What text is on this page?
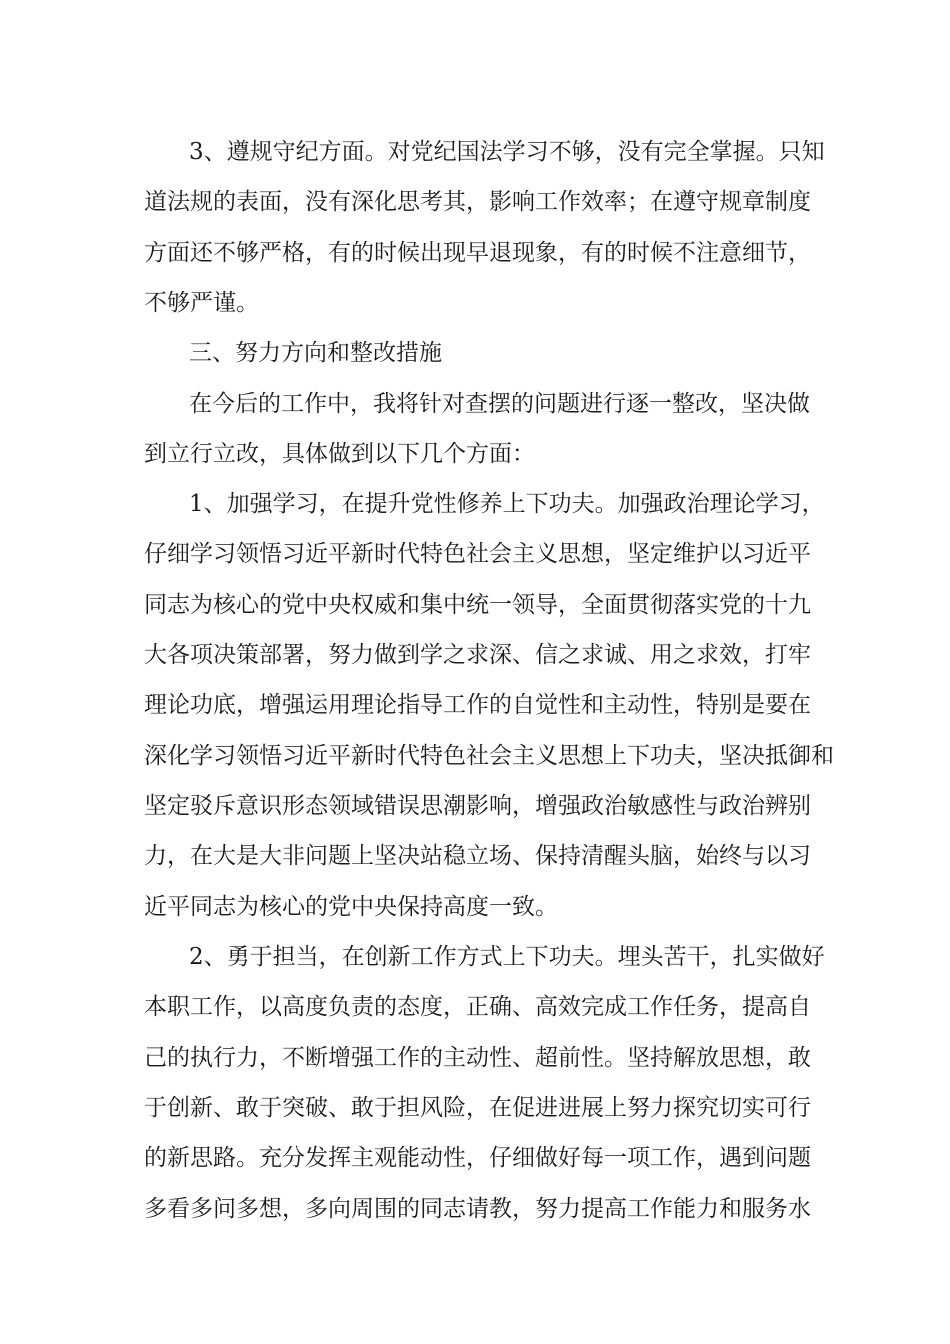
3、遵规守纪方面。对党纪国法学习不够，没有完全掌握。只知
道法规的表面，没有深化思考其，影响工作效率；在遵守规章制度
方面还不够严格，有的时候出现早退现象，有的时候不注意细节，
不够严谨。
三、努力方向和整改措施
在今后的工作中，我将针对查摆的问题进行逐一整改，坚决做
到立行立改，具体做到以下几个方面：
1、加强学习，在提升党性修养上下功夫。加强政治理论学习，
仔细学习领悟习近平新时代特色社会主义思想，坚定维护以习近平
同志为核心的党中央权威和集中统一领导，全面贯彻落实党的十九
大各项决策部署，努力做到学之求深、信之求诚、用之求效，打牢
理论功底，增强运用理论指导工作的自觉性和主动性，特别是要在
深化学习领悟习近平新时代特色社会主义思想上下功夫，坚决抵御和
坚定驳斥意识形态领域错误思潮影响，增强政治敏感性与政治辨别
力，在大是大非问题上坚决站稳立场、保持清醒头脑，始终与以习
近平同志为核心的党中央保持高度一致。
2、勇于担当，在创新工作方式上下功夫。埋头苦干，扎实做好
本职工作，以高度负责的态度，正确、高效完成工作任务，提高自
己的执行力，不断增强工作的主动性、超前性。坚持解放思想，敢
于创新、敢于突破、敢于担风险，在促进进展上努力探究切实可行
的新思路。充分发挥主观能动性，仔细做好每一项工作，遇到问题
多看多问多想，多向周围的同志请教，努力提高工作能力和服务水
